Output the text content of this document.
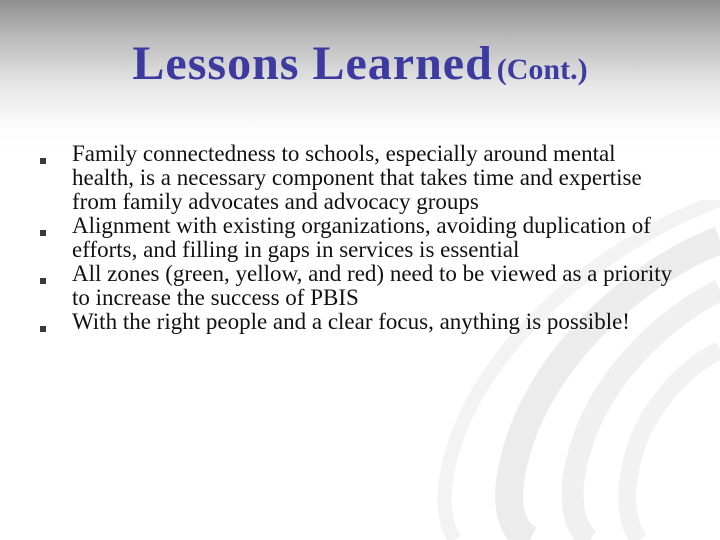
Lessons Learned (Cont.)
Family connectedness to schools, especially around mental health, is a necessary component that takes time and expertise from family advocates and advocacy groups
Alignment with existing organizations, avoiding duplication of efforts, and filling in gaps in services is essential
All zones (green, yellow, and red) need to be viewed as a priority to increase the success of PBIS
With the right people and a clear focus, anything is possible!
